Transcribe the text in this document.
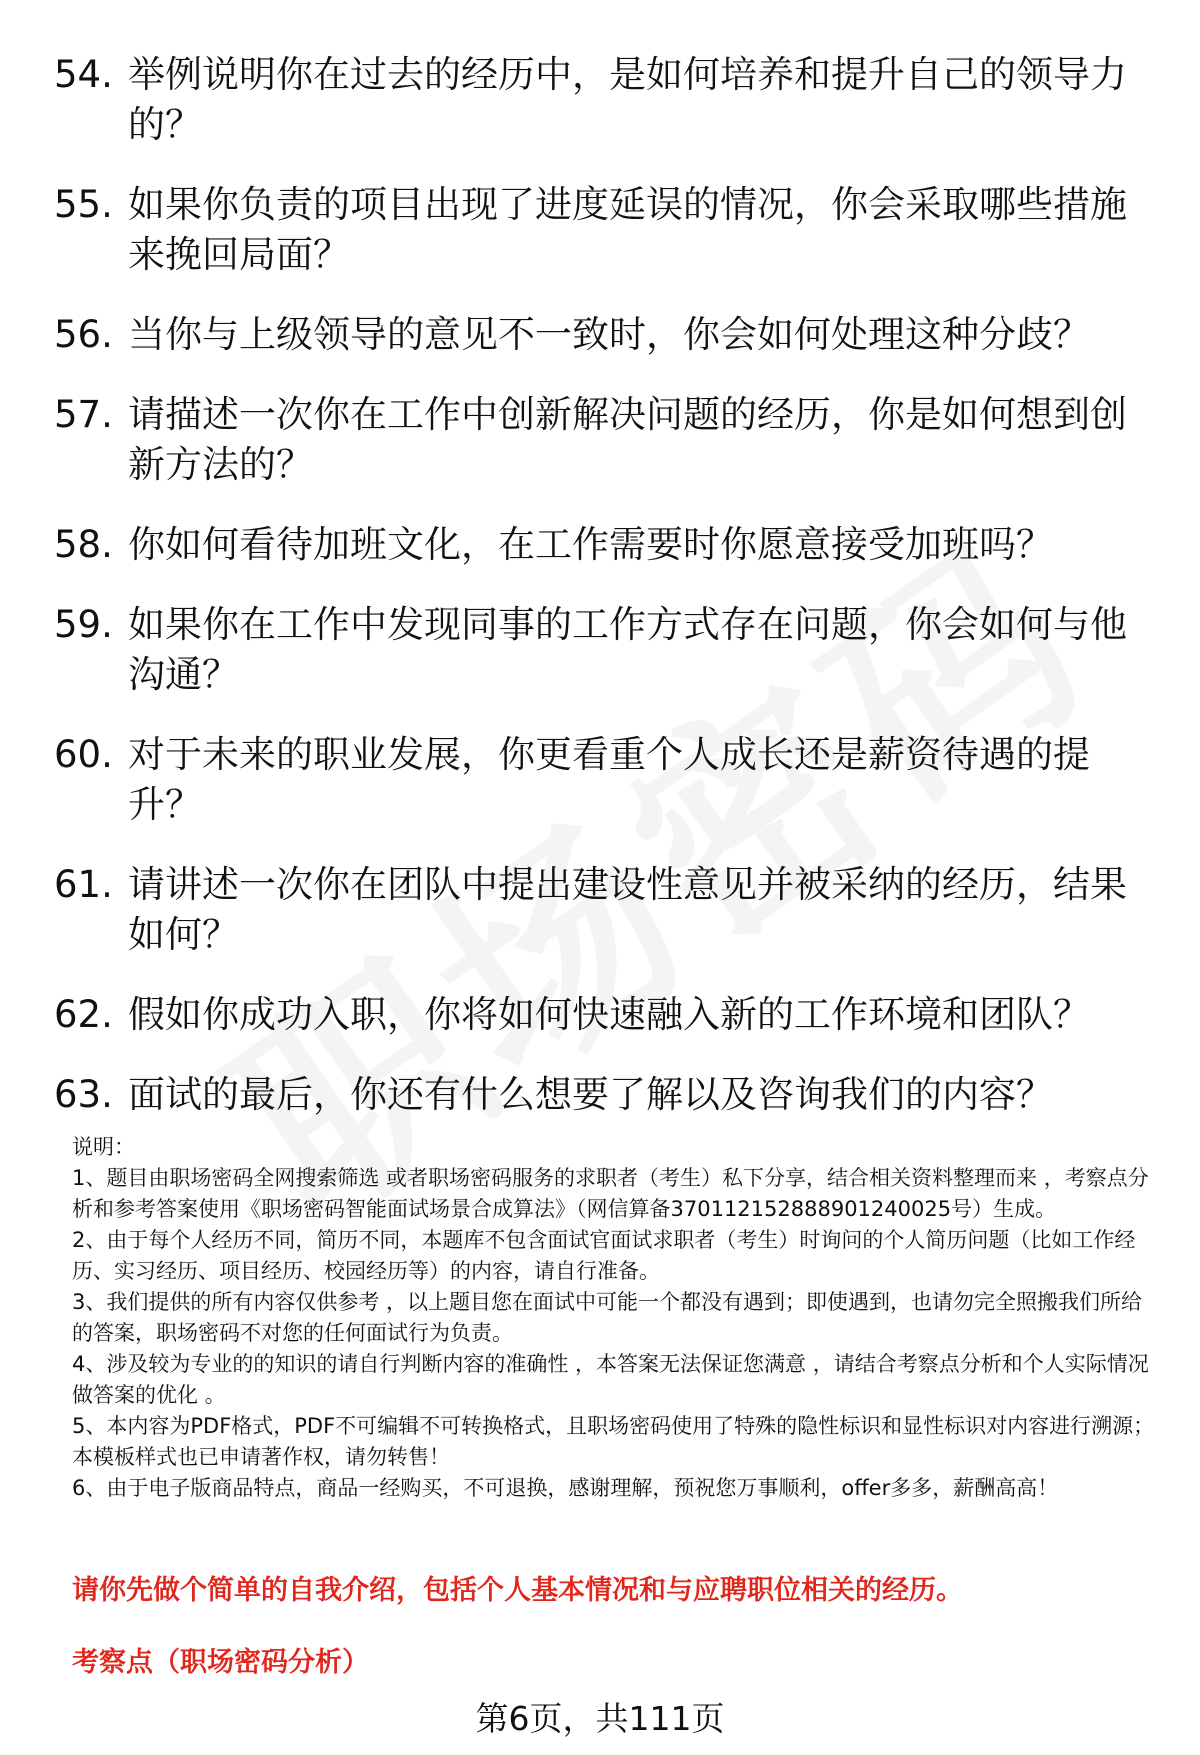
54. 举例说明你在过去的经历中，是如何培养和提升自己的领导力的？
55. 如果你负责的项目出现了进度延误的情况，你会采取哪些措施来挽回局面？
56. 当你与上级领导的意见不一致时，你会如何处理这种分歧？
57. 请描述一次你在工作中创新解决问题的经历，你是如何想到创新方法的？
58. 你如何看待加班文化，在工作需要时你愿意接受加班吗？
59. 如果你在工作中发现同事的工作方式存在问题，你会如何与他沟通？
60. 对于未来的职业发展，你更看重个人成长还是薪资待遇的提升？
61. 请讲述一次你在团队中提出建设性意见并被采纳的经历，结果如何？
62. 假如你成功入职，你将如何快速融入新的工作环境和团队？
63. 面试的最后，你还有什么想要了解以及咨询我们的内容？

说明：

1、题目由职场密码全网搜索筛选 或者职场密码服务的求职者（考生）私下分享，结合相关资料整理而来 ，考察点分析和参考答案使用《职场密码智能面试场景合成算法》（网信算备370112152888901240025号）生成。

2、由于每个人经历不同，简历不同，本题库不包含面试官面试求职者（考生）时询问的个人简历问题（比如工作经历、实习经历、项目经历、校园经历等）的内容，请自行准备。

3、我们提供的所有内容仅供参考 ，以上题目您在面试中可能一个都没有遇到；即使遇到，也请勿完全照搬我们所给的答案，职场密码不对您的任何面试行为负责。

4、涉及较为专业的的知识的请自行判断内容的准确性 ，本答案无法保证您满意 ，请结合考察点分析和个人实际情况做答案的优化 。

5、本内容为PDF格式，PDF不可编辑不可转换格式，且职场密码使用了特殊的隐性标识和显性标识对内容进行溯源；本模板样式也已申请著作权，请勿转售！

6、由于电子版商品特点，商品一经购买，不可退换，感谢理解，预祝您万事顺利，offer多多，薪酬高高！

请你先做个简单的自我介绍，包括个人基本情况和与应聘职位相关的经历。
考察点（职场密码分析）
第6页，共111页
